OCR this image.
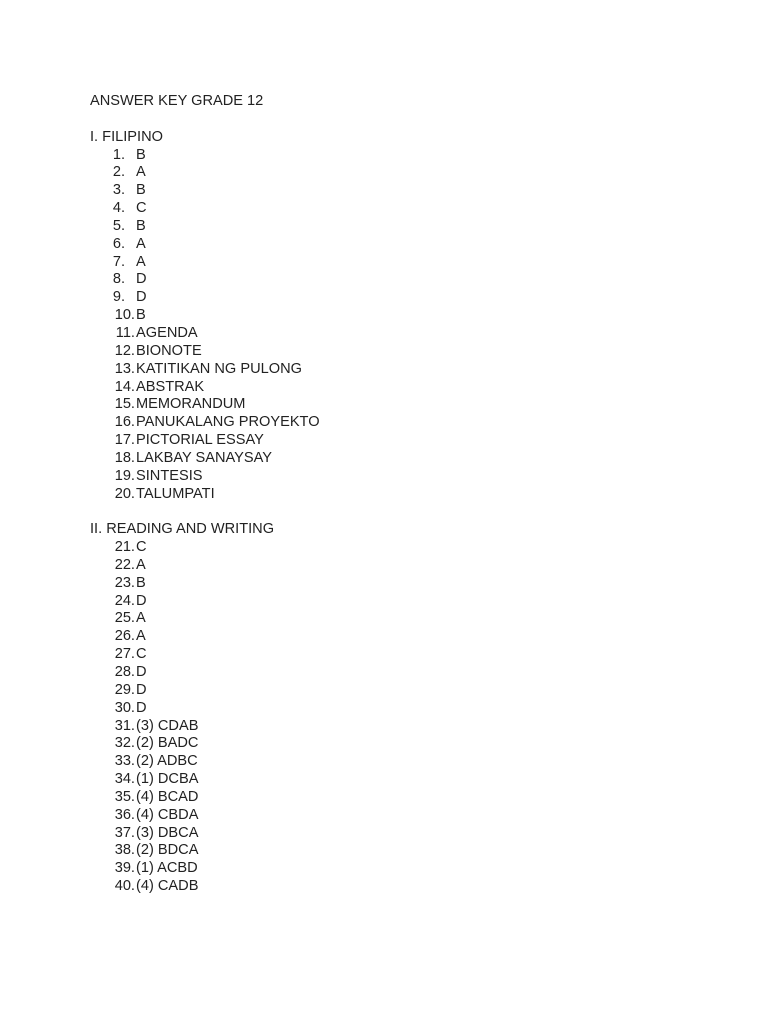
ANSWER KEY GRADE 12
I. FILIPINO
1. B
2. A
3. B
4. C
5. B
6. A
7. A
8. D
9. D
10. B
11. AGENDA
12. BIONOTE
13. KATITIKAN NG PULONG
14. ABSTRAK
15. MEMORANDUM
16. PANUKALANG PROYEKTO
17. PICTORIAL ESSAY
18. LAKBAY SANAYSAY
19. SINTESIS
20. TALUMPATI
II. READING AND WRITING
21. C
22. A
23. B
24. D
25. A
26. A
27. C
28. D
29. D
30. D
31. (3) CDAB
32. (2) BADC
33. (2) ADBC
34. (1) DCBA
35. (4) BCAD
36. (4) CBDA
37. (3) DBCA
38. (2) BDCA
39. (1) ACBD
40. (4) CADB
